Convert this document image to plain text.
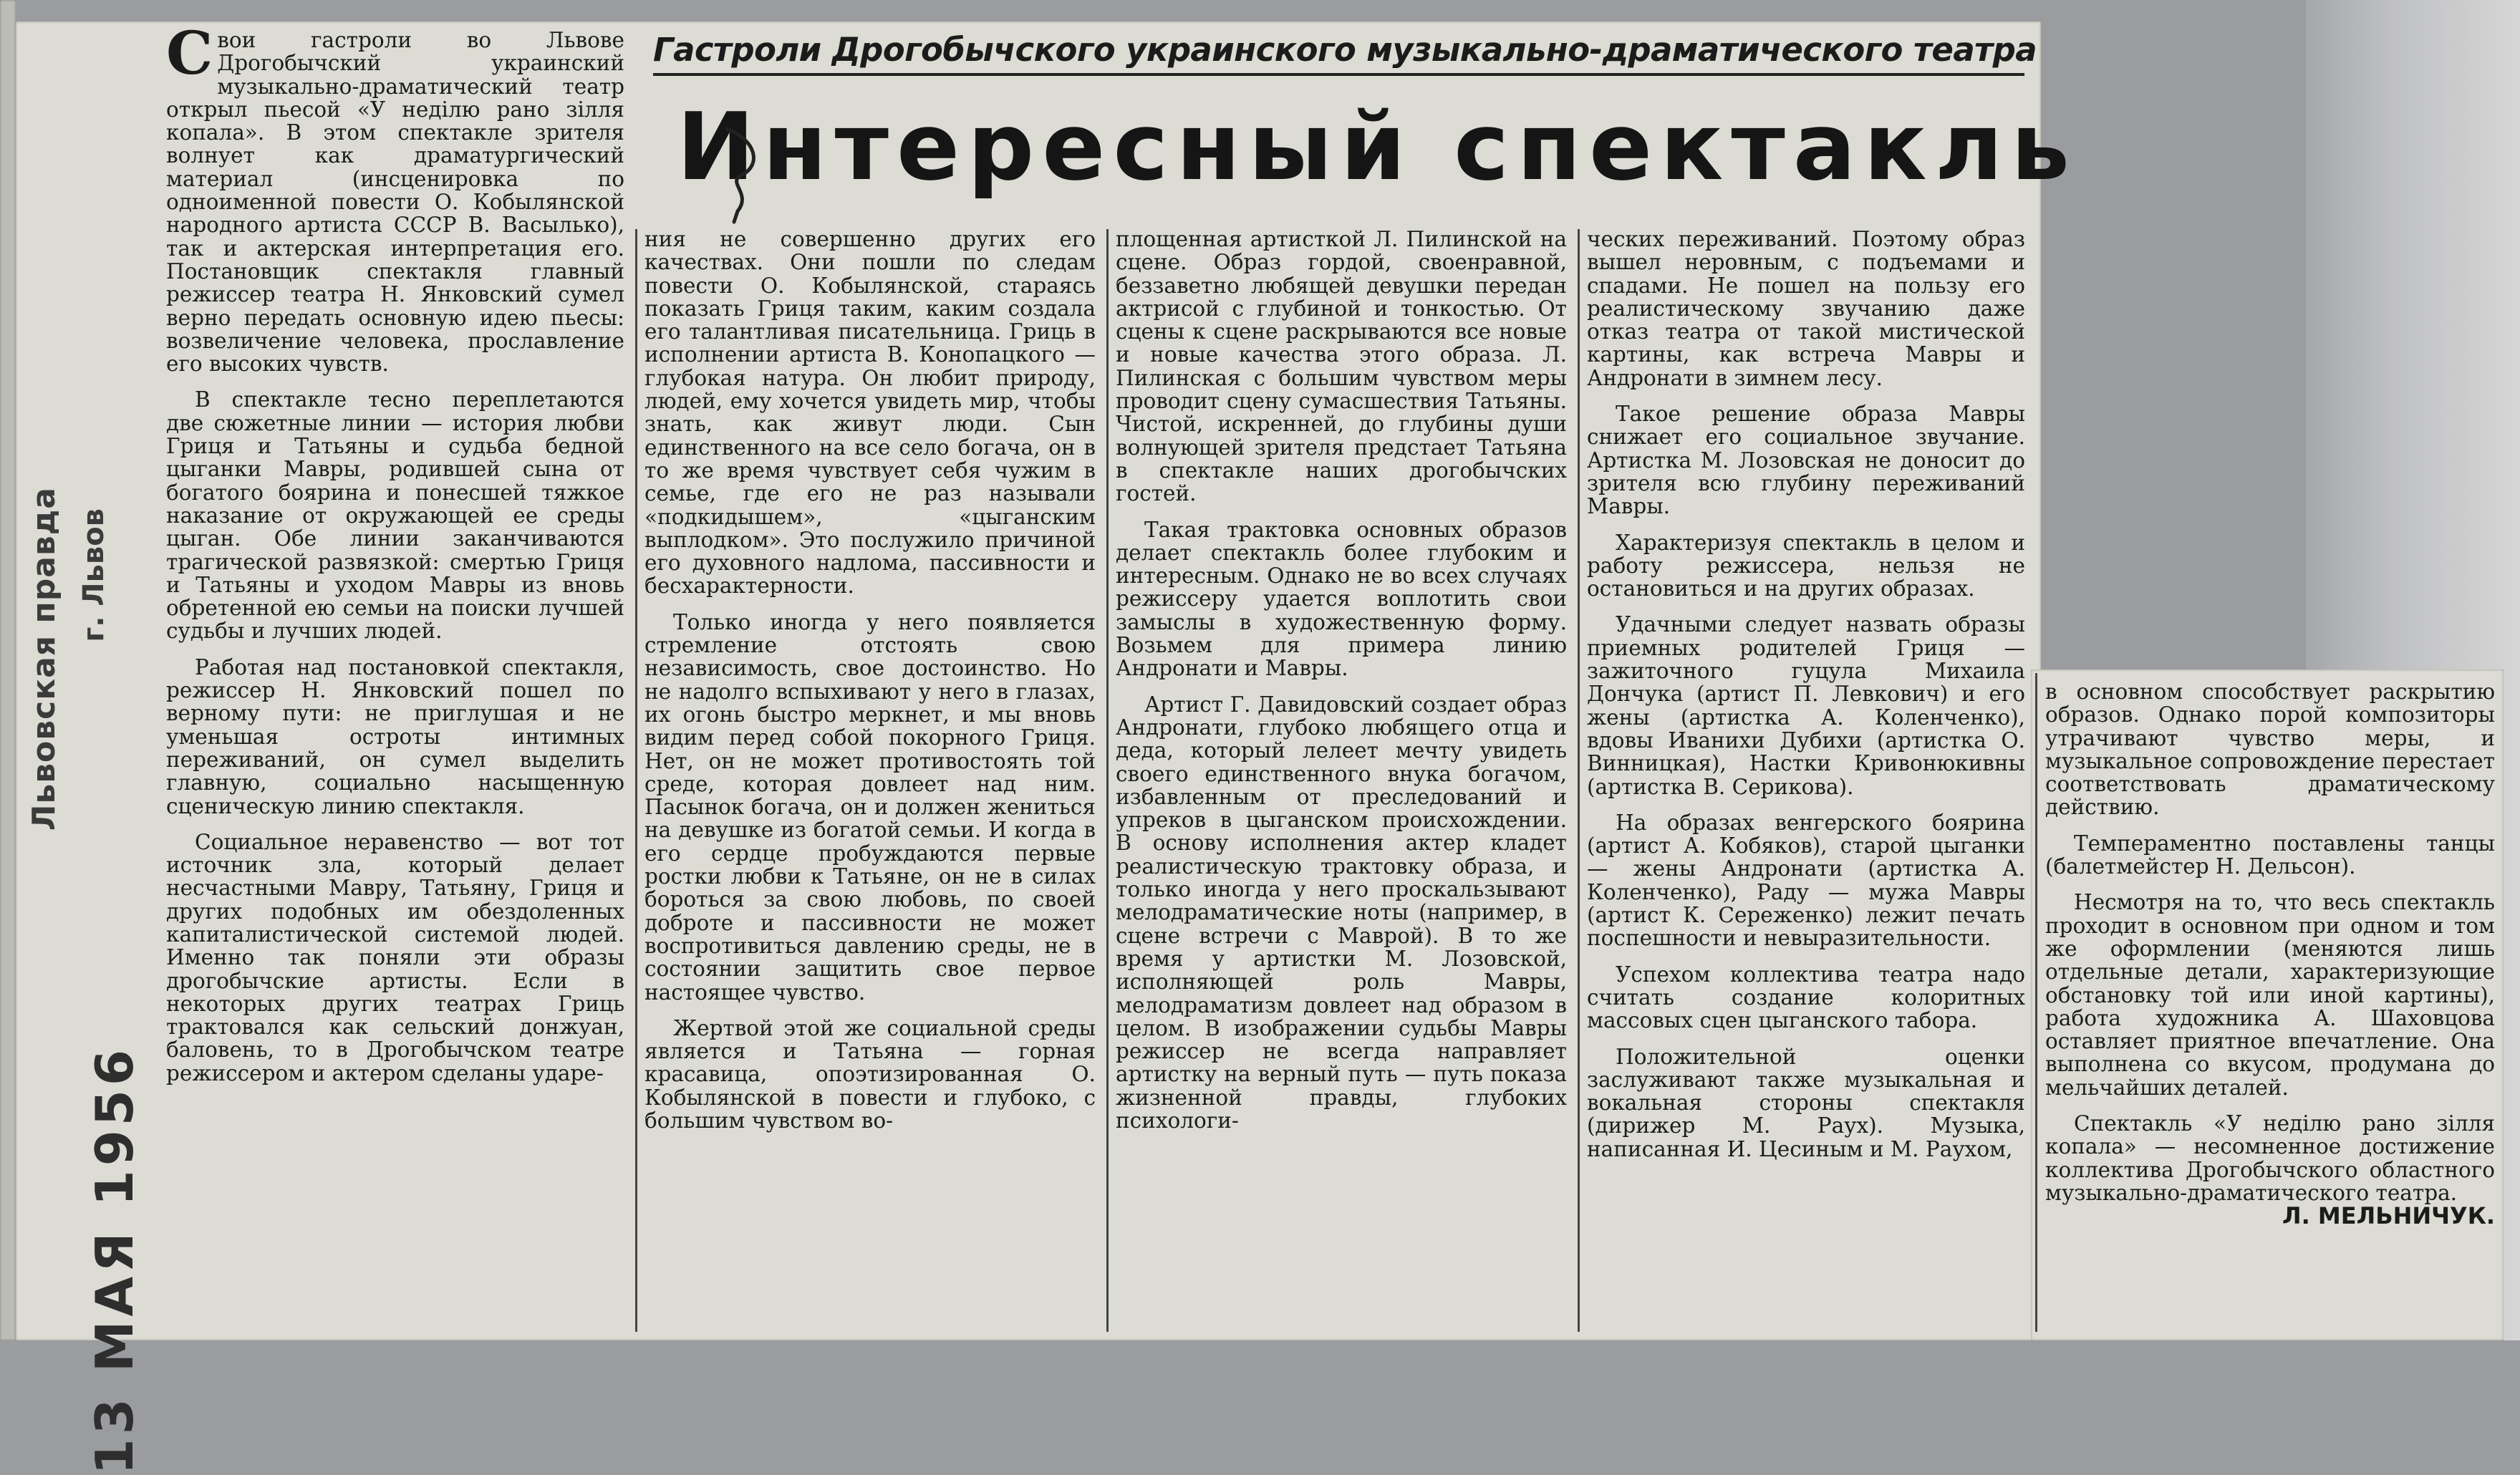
Львовская правда г. Львов
13 МАЯ 1956
Гастроли Дрогобычского украинского музыкально-драматического театра
Интересный спектакль

Свои гастроли во Львове Дрогобычский украинский музыкально-драматический театр открыл пьесой «У неділю рано зілля копала». В этом спектакле зрителя волнует как драматургический материал (инсценировка по одноименной повести О. Кобылянской народного артиста СССР В. Васылько), так и актерская интерпретация его. Постановщик спектакля главный режиссер театра Н. Янковский сумел верно передать основную идею пьесы: возвеличение человека, прославление его высоких чувств.

В спектакле тесно переплетаются две сюжетные линии — история любви Гриця и Татьяны и судьба бедной цыганки Мавры, родившей сына от богатого боярина и понесшей тяжкое наказание от окружающей ее среды цыган. Обе линии заканчиваются трагической развязкой: смертью Гриця и Татьяны и уходом Мавры из вновь обретенной ею семьи на поиски лучшей судьбы и лучших людей.

Работая над постановкой спектакля, режиссер Н. Янковский пошел по верному пути: не приглушая и не уменьшая остроты интимных переживаний, он сумел выделить главную, социально насыщенную сценическую линию спектакля.

Социальное неравенство — вот тот источник зла, который делает несчастными Мавру, Татьяну, Гриця и других подобных им обездоленных капиталистической системой людей. Именно так поняли эти образы дрогобычские артисты. Если в некоторых других театрах Гриць трактовался как сельский донжуан, баловень, то в Дрогобычском театре режиссером и актером сделаны ударе-

ния не совершенно других его качествах. Они пошли по следам повести О. Кобылянской, стараясь показать Гриця таким, каким создала его талантливая писательница. Гриць в исполнении артиста В. Конопацкого — глубокая натура. Он любит природу, людей, ему хочется увидеть мир, чтобы знать, как живут люди. Сын единственного на все село богача, он в то же время чувствует себя чужим в семье, где его не раз называли «подкидышем», «цыганским выплодком». Это послужило причиной его духовного надлома, пассивности и бесхарактерности.

Только иногда у него появляется стремление отстоять свою независимость, свое достоинство. Но не надолго вспыхивают у него в глазах, их огонь быстро меркнет, и мы вновь видим перед собой покорного Гриця. Нет, он не может противостоять той среде, которая довлеет над ним. Пасынок богача, он и должен жениться на девушке из богатой семьи. И когда в его сердце пробуждаются первые ростки любви к Татьяне, он не в силах бороться за свою любовь, по своей доброте и пассивности не может воспротивиться давлению среды, не в состоянии защитить свое первое настоящее чувство.

Жертвой этой же социальной среды является и Татьяна — горная красавица, опоэтизированная О. Кобылянской в повести и глубоко, с большим чувством во-

площенная артисткой Л. Пилинской на сцене. Образ гордой, своенравной, беззаветно любящей девушки передан актрисой с глубиной и тонкостью. От сцены к сцене раскрываются все новые и новые качества этого образа. Л. Пилинская с большим чувством меры проводит сцену сумасшествия Татьяны. Чистой, искренней, до глубины души волнующей зрителя предстает Татьяна в спектакле наших дрогобычских гостей.

Такая трактовка основных образов делает спектакль более глубоким и интересным. Однако не во всех случаях режиссеру удается воплотить свои замыслы в художественную форму. Возьмем для примера линию Андронати и Мавры.

Артист Г. Давидовский создает образ Андронати, глубоко любящего отца и деда, который лелеет мечту увидеть своего единственного внука богачом, избавленным от преследований и упреков в цыганском происхождении. В основу исполнения актер кладет реалистическую трактовку образа, и только иногда у него проскальзывают мелодраматические ноты (например, в сцене встречи с Маврой). В то же время у артистки М. Лозовской, исполняющей роль Мавры, мелодраматизм довлеет над образом в целом. В изображении судьбы Мавры режиссер не всегда направляет артистку на верный путь — путь показа жизненной правды, глубоких психологи-

ческих переживаний. Поэтому образ вышел неровным, с подъемами и спадами. Не пошел на пользу его реалистическому звучанию даже отказ театра от такой мистической картины, как встреча Мавры и Андронати в зимнем лесу.

Такое решение образа Мавры снижает его социальное звучание. Артистка М. Лозовская не доносит до зрителя всю глубину переживаний Мавры.

Характеризуя спектакль в целом и работу режиссера, нельзя не остановиться и на других образах.

Удачными следует назвать образы приемных родителей Гриця — зажиточного гуцула Михаила Дончука (артист П. Левкович) и его жены (артистка А. Коленченко), вдовы Иванихи Дубихи (артистка О. Винницкая), Настки Кривонюкивны (артистка В. Серикова).

На образах венгерского боярина (артист А. Кобяков), старой цыганки — жены Андронати (артистка А. Коленченко), Раду — мужа Мавры (артист К. Сереженко) лежит печать поспешности и невыразительности.

Успехом коллектива театра надо считать создание колоритных массовых сцен цыганского табора.

Положительной оценки заслуживают также музыкальная и вокальная стороны спектакля (дирижер М. Раух). Музыка, написанная И. Цесиным и М. Раухом,

в основном способствует раскрытию образов. Однако порой композиторы утрачивают чувство меры, и музыкальное сопровождение перестает соответствовать драматическому действию.

Темпераментно поставлены танцы (балетмейстер Н. Дельсон).

Несмотря на то, что весь спектакль проходит в основном при одном и том же оформлении (меняются лишь отдельные детали, характеризующие обстановку той или иной картины), работа художника А. Шаховцова оставляет приятное впечатление. Она выполнена со вкусом, продумана до мельчайших деталей.

Спектакль «У неділю рано зілля копала» — несомненное достижение коллектива Дрогобычского областного музыкально-драматического театра.

Л. МЕЛЬНИЧУК.
